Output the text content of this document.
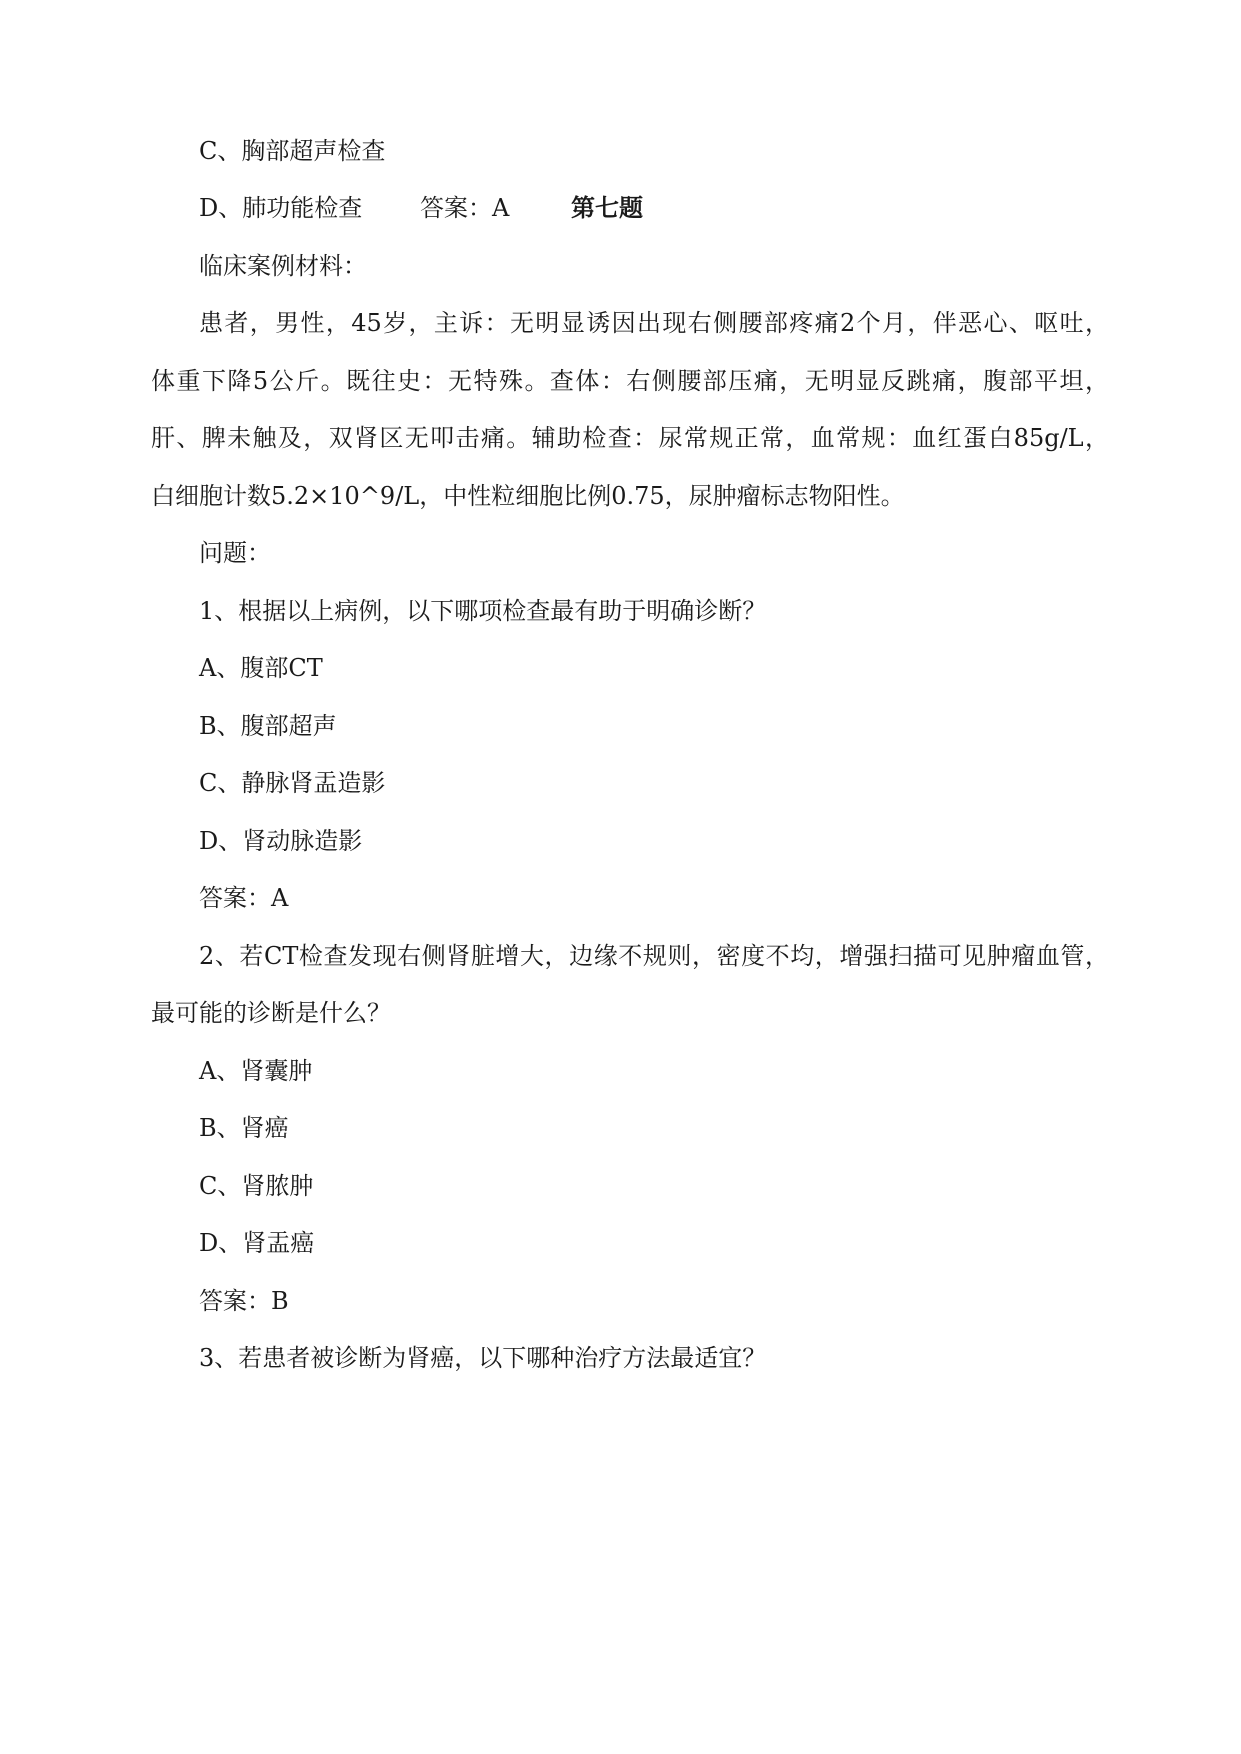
C、胸部超声检查
D、肺功能检查 答案：A	第七题
临床案例材料：
患者，男性，45岁，主诉：无明显诱因出现右侧腰部疼痛2个月，伴恶心、呕吐，
体重下降5公斤。既往史：无特殊。查体：右侧腰部压痛，无明显反跳痛，腹部平坦，
肝、脾未触及，双肾区无叩击痛。辅助检查：尿常规正常，血常规：血红蛋白85g/L，
白细胞计数5.2×10^9/L，中性粒细胞比例0.75，尿肿瘤标志物阳性。
问题：
1、根据以上病例，以下哪项检查最有助于明确诊断？
A、腹部CT
B、腹部超声
C、静脉肾盂造影
D、肾动脉造影
答案：A
2、若CT检查发现右侧肾脏增大，边缘不规则，密度不均，增强扫描可见肿瘤血管，
最可能的诊断是什么？
A、肾囊肿
B、肾癌
C、肾脓肿
D、肾盂癌
答案：B
3、若患者被诊断为肾癌，以下哪种治疗方法最适宜？
